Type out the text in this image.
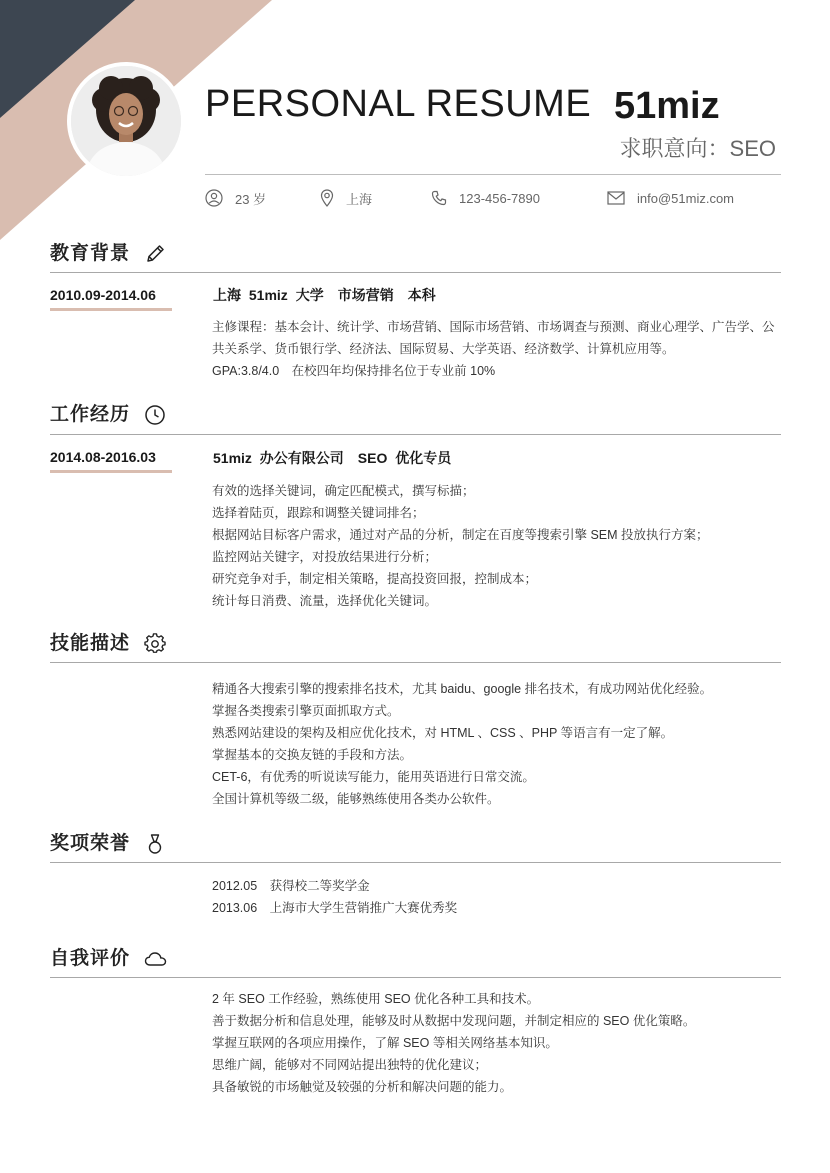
PERSONAL RESUME 51miz
求职意向：SEO
23 岁	上海	123-456-7890	info@51miz.com
教育背景
2010.09-2014.06	上海 51miz 大学　市场营销　本科
主修课程：基本会计、统计学、市场营销、国际市场营销、市场调查与预测、商业心理学、广告学、公共关系学、货币银行学、经济法、国际贸易、大学英语、经济数学、计算机应用等。
GPA:3.8/4.0　在校四年均保持排名位于专业前 10%
工作经历
2014.08-2016.03	51miz 办公有限公司　SEO 优化专员
有效的选择关键词，确定匹配模式，撰写标描；
选择着陆页，跟踪和调整关键词排名；
根据网站目标客户需求，通过对产品的分析，制定在百度等搜索引擎 SEM 投放执行方案；
监控网站关键字，对投放结果进行分析；
研究竞争对手，制定相关策略，提高投资回报，控制成本；
统计每日消费、流量，选择优化关键词。
技能描述
精通各大搜索引擎的搜索排名技术，尤其 baidu、google 排名技术，有成功网站优化经验。
掌握各类搜索引擎页面抓取方式。
熟悉网站建设的架构及相应优化技术，对 HTML 、CSS 、PHP 等语言有一定了解。
掌握基本的交换友链的手段和方法。
CET-6，有优秀的听说读写能力，能用英语进行日常交流。
全国计算机等级二级，能够熟练使用各类办公软件。
奖项荣誉
2012.05　获得校二等奖学金
2013.06　上海市大学生营销推广大赛优秀奖
自我评价
2 年 SEO 工作经验，熟练使用 SEO 优化各种工具和技术。
善于数据分析和信息处理，能够及时从数据中发现问题，并制定相应的 SEO 优化策略。
掌握互联网的各项应用操作，了解 SEO 等相关网络基本知识。
思维广阔，能够对不同网站提出独特的优化建议；
具备敏锐的市场触觉及较强的分析和解决问题的能力。
